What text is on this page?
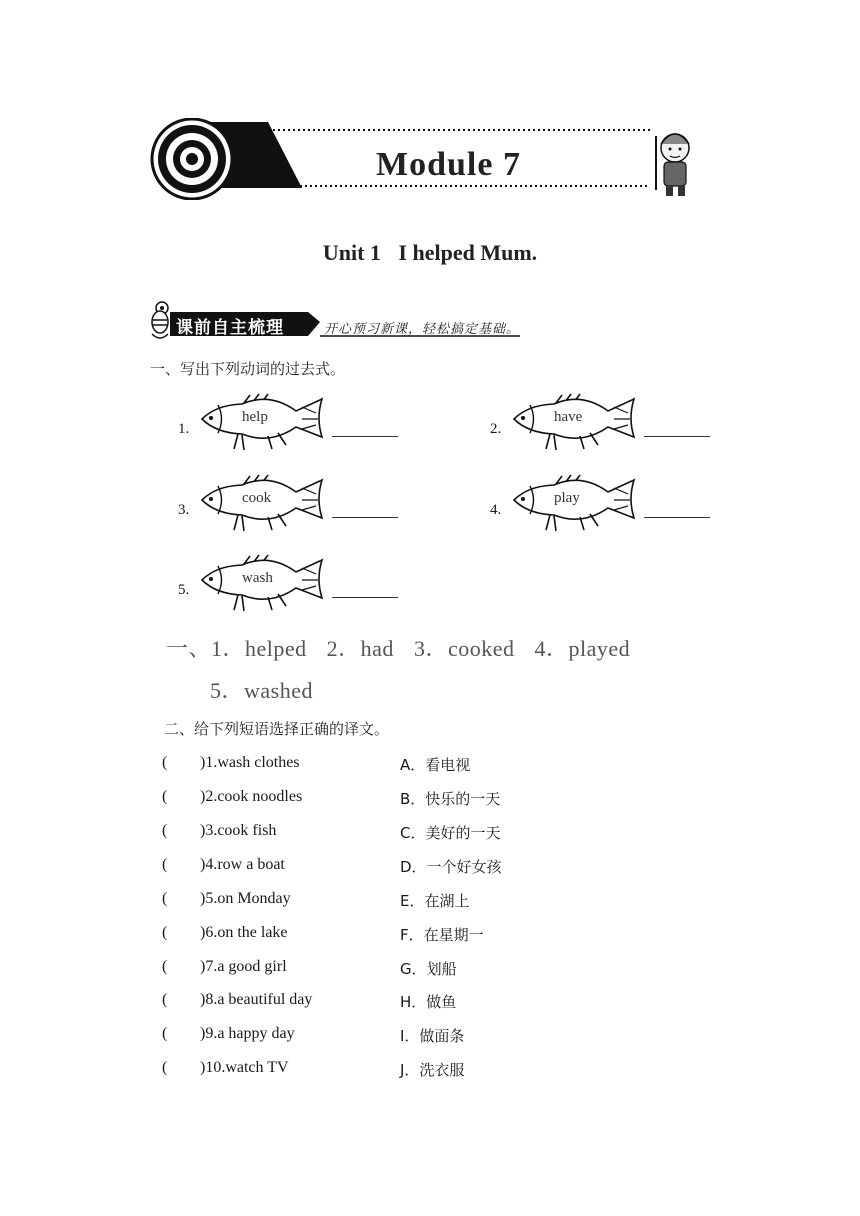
Module 7
Unit 1 I helped Mum.
课前自主梳理	开心预习新课，轻松搞定基础。
一、写出下列动词的过去式。
1.
help
2.
have
3.
cook
4.
play
5.
wash
一、1．helped 2．had 3．cooked 4．played
5．washed
二、给下列短语选择正确的译文。
( )1.wash clothes	A．看电视
( )2.cook noodles	B．快乐的一天
( )3.cook fish	C．美好的一天
( )4.row a boat	D．一个好女孩
( )5.on Monday	E．在湖上
( )6.on the lake	F．在星期一
( )7.a good girl	G．划船
( )8.a beautiful day	H．做鱼
( )9.a happy day	I．做面条
( )10.watch TV	J．洗衣服
